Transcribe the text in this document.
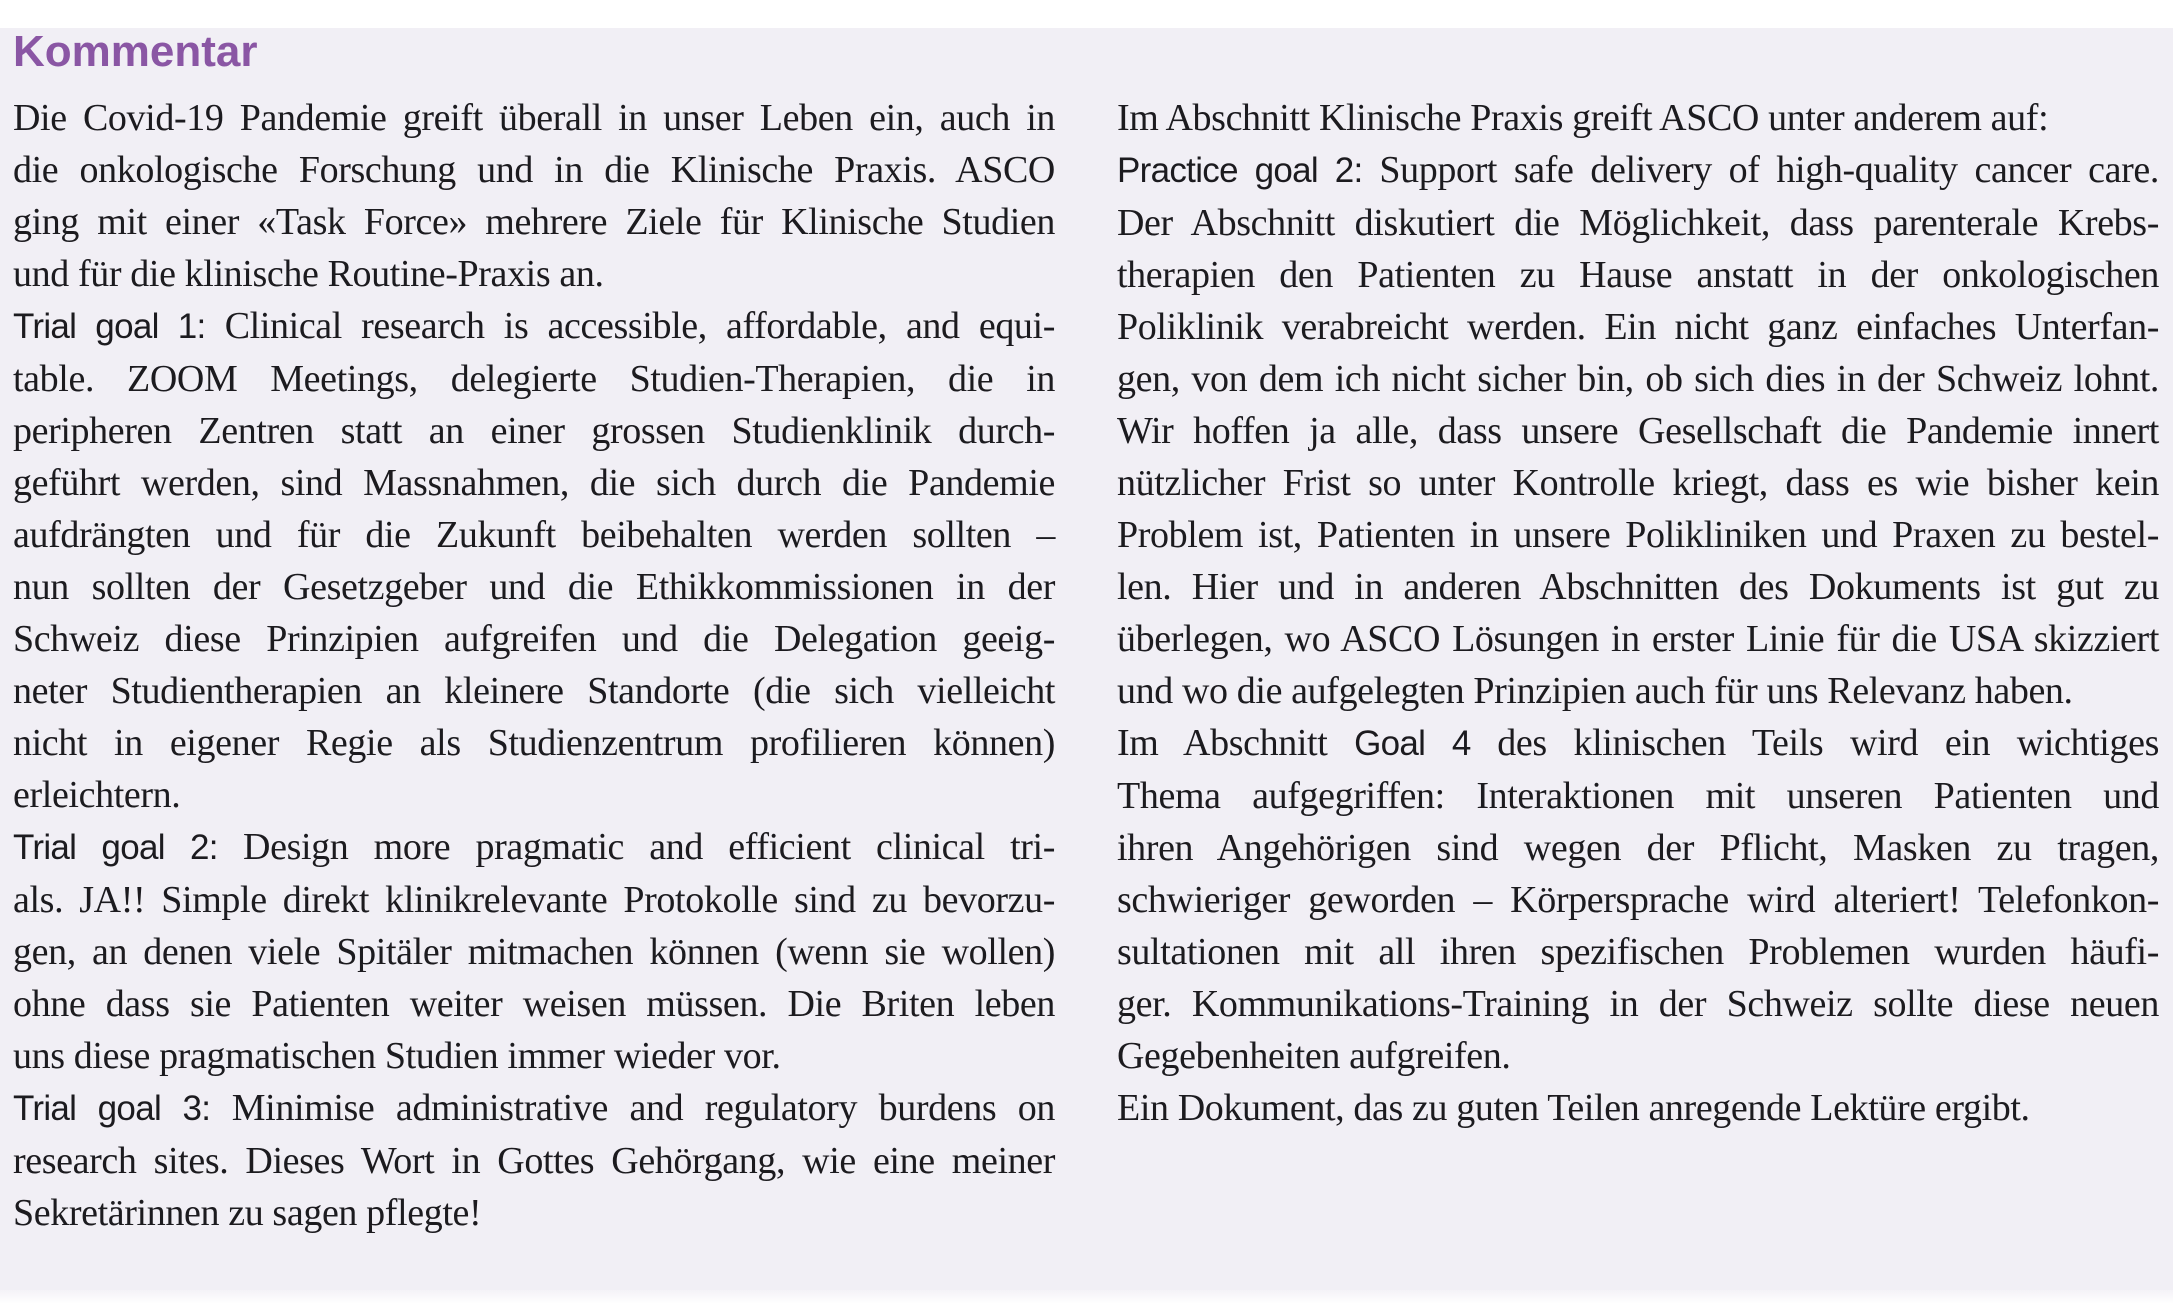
Kommentar
Die Covid-19 Pandemie greift überall in unser Leben ein, auch in
die onkologische Forschung und in die Klinische Praxis. ASCO
ging mit einer «Task Force» mehrere Ziele für Klinische Studien
und für die klinische Routine-Praxis an.
Trial goal 1: Clinical research is accessible, affordable, and equi-
table. ZOOM Meetings, delegierte Studien-Therapien, die in
peripheren Zentren statt an einer grossen Studienklinik durch-
geführt werden, sind Massnahmen, die sich durch die Pandemie
aufdrängten und für die Zukunft beibehalten werden sollten –
nun sollten der Gesetzgeber und die Ethikkommissionen in der
Schweiz diese Prinzipien aufgreifen und die Delegation geeig-
neter Studientherapien an kleinere Standorte (die sich vielleicht
nicht in eigener Regie als Studienzentrum profilieren können)
erleichtern.
Trial goal 2: Design more pragmatic and efficient clinical tri-
als. JA!! Simple direkt klinikrelevante Protokolle sind zu bevorzu-
gen, an denen viele Spitäler mitmachen können (wenn sie wollen)
ohne dass sie Patienten weiter weisen müssen. Die Briten leben
uns diese pragmatischen Studien immer wieder vor.
Trial goal 3: Minimise administrative and regulatory burdens on
research sites. Dieses Wort in Gottes Gehörgang, wie eine meiner
Sekretärinnen zu sagen pflegte!
Im Abschnitt Klinische Praxis greift ASCO unter anderem auf:
Practice goal 2: Support safe delivery of high-quality cancer care.
Der Abschnitt diskutiert die Möglichkeit, dass parenterale Krebs-
therapien den Patienten zu Hause anstatt in der onkologischen
Poliklinik verabreicht werden. Ein nicht ganz einfaches Unterfan-
gen, von dem ich nicht sicher bin, ob sich dies in der Schweiz lohnt.
Wir hoffen ja alle, dass unsere Gesellschaft die Pandemie innert
nützlicher Frist so unter Kontrolle kriegt, dass es wie bisher kein
Problem ist, Patienten in unsere Polikliniken und Praxen zu bestel-
len. Hier und in anderen Abschnitten des Dokuments ist gut zu
überlegen, wo ASCO Lösungen in erster Linie für die USA skizziert
und wo die aufgelegten Prinzipien auch für uns Relevanz haben.
Im Abschnitt Goal 4 des klinischen Teils wird ein wichtiges
Thema aufgegriffen: Interaktionen mit unseren Patienten und
ihren Angehörigen sind wegen der Pflicht, Masken zu tragen,
schwieriger geworden – Körpersprache wird alteriert! Telefonkon-
sultationen mit all ihren spezifischen Problemen wurden häufi-
ger. Kommunikations-Training in der Schweiz sollte diese neuen
Gegebenheiten aufgreifen.
Ein Dokument, das zu guten Teilen anregende Lektüre ergibt.
